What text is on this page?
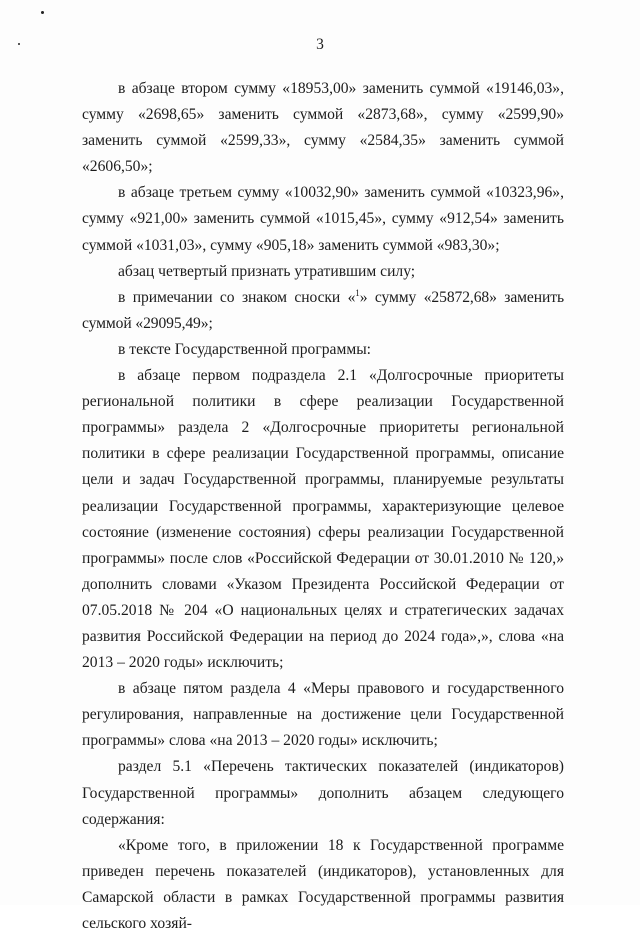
3

в абзаце втором сумму «18953,00» заменить суммой «19146,03», сумму «2698,65» заменить суммой «2873,68», сумму «2599,90» заменить суммой «2599,33», сумму «2584,35» заменить суммой «2606,50»;

в абзаце третьем сумму «10032,90» заменить суммой «10323,96», сумму «921,00» заменить суммой «1015,45», сумму «912,54» заменить суммой «1031,03», сумму «905,18» заменить суммой «983,30»;

абзац четвертый признать утратившим силу;

в примечании со знаком сноски «$^1$» сумму «25872,68» заменить суммой «29095,49»;

в тексте Государственной программы:

в абзаце первом подраздела 2.1 «Долгосрочные приоритеты региональной политики в сфере реализации Государственной программы» раздела 2 «Долгосрочные приоритеты региональной политики в сфере реализации Государственной программы, описание цели и задач Государственной программы, планируемые результаты реализации Государственной программы, характеризующие целевое состояние (изменение состояния) сферы реализации Государственной программы» после слов «Российской Федерации от 30.01.2010 № 120,» дополнить словами «Указом Президента Российской Федерации от 07.05.2018 № 204 «О национальных целях и стратегических задачах развития Российской Федерации на период до 2024 года»,», слова «на 2013 – 2020 годы» исключить;

в абзаце пятом раздела 4 «Меры правового и государственного регулирования, направленные на достижение цели Государственной программы» слова «на 2013 – 2020 годы» исключить;

раздел 5.1 «Перечень тактических показателей (индикаторов) Государственной программы» дополнить абзацем следующего содержания:

«Кроме того, в приложении 18 к Государственной программе приведен перечень показателей (индикаторов), установленных для Самарской области в рамках Государственной программы развития сельского хозяй-
